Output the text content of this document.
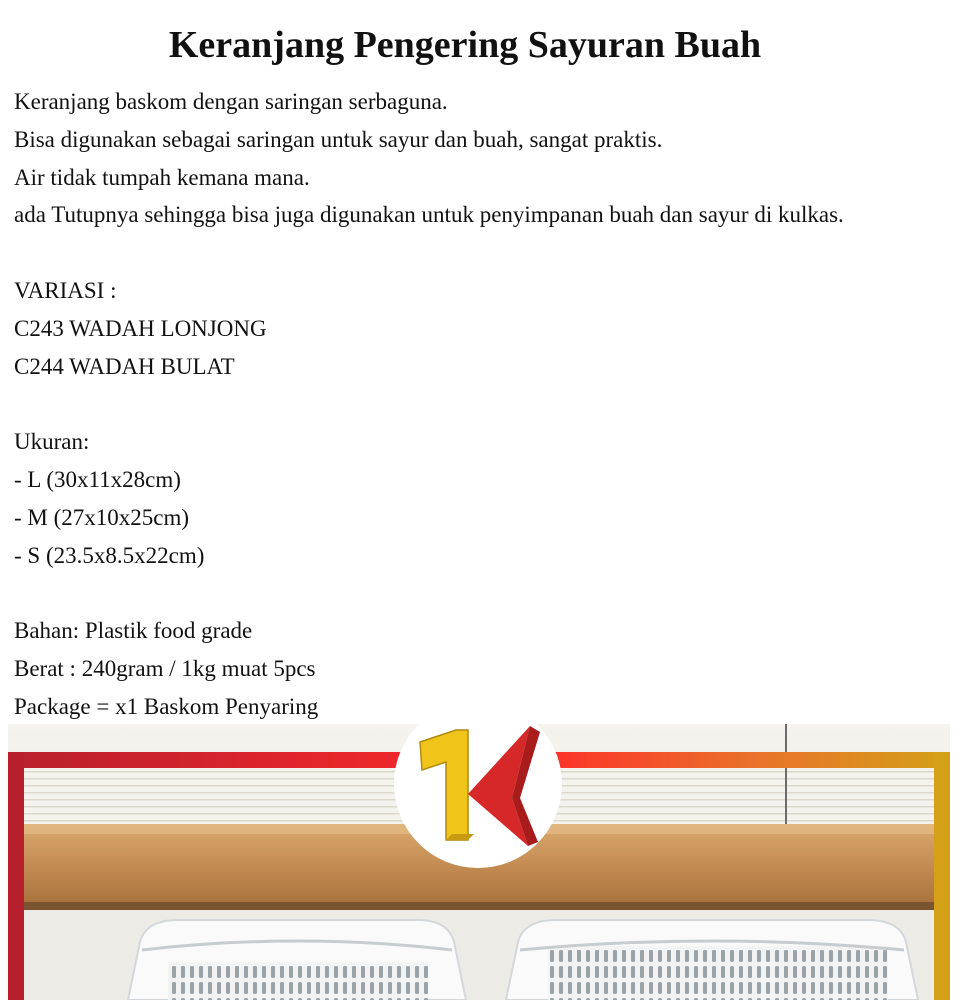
Keranjang Pengering Sayuran Buah
Keranjang baskom dengan saringan serbaguna.
Bisa digunakan sebagai saringan untuk sayur dan buah, sangat praktis.
Air tidak tumpah kemana mana.
ada Tutupnya sehingga bisa juga digunakan untuk penyimpanan buah dan sayur di kulkas.
VARIASI :
C243 WADAH LONJONG
C244 WADAH BULAT
Ukuran:
- L (30x11x28cm)
- M (27x10x25cm)
- S (23.5x8.5x22cm)
Bahan: Plastik food grade
Berat : 240gram / 1kg muat 5pcs
Package = x1 Baskom Penyaring
